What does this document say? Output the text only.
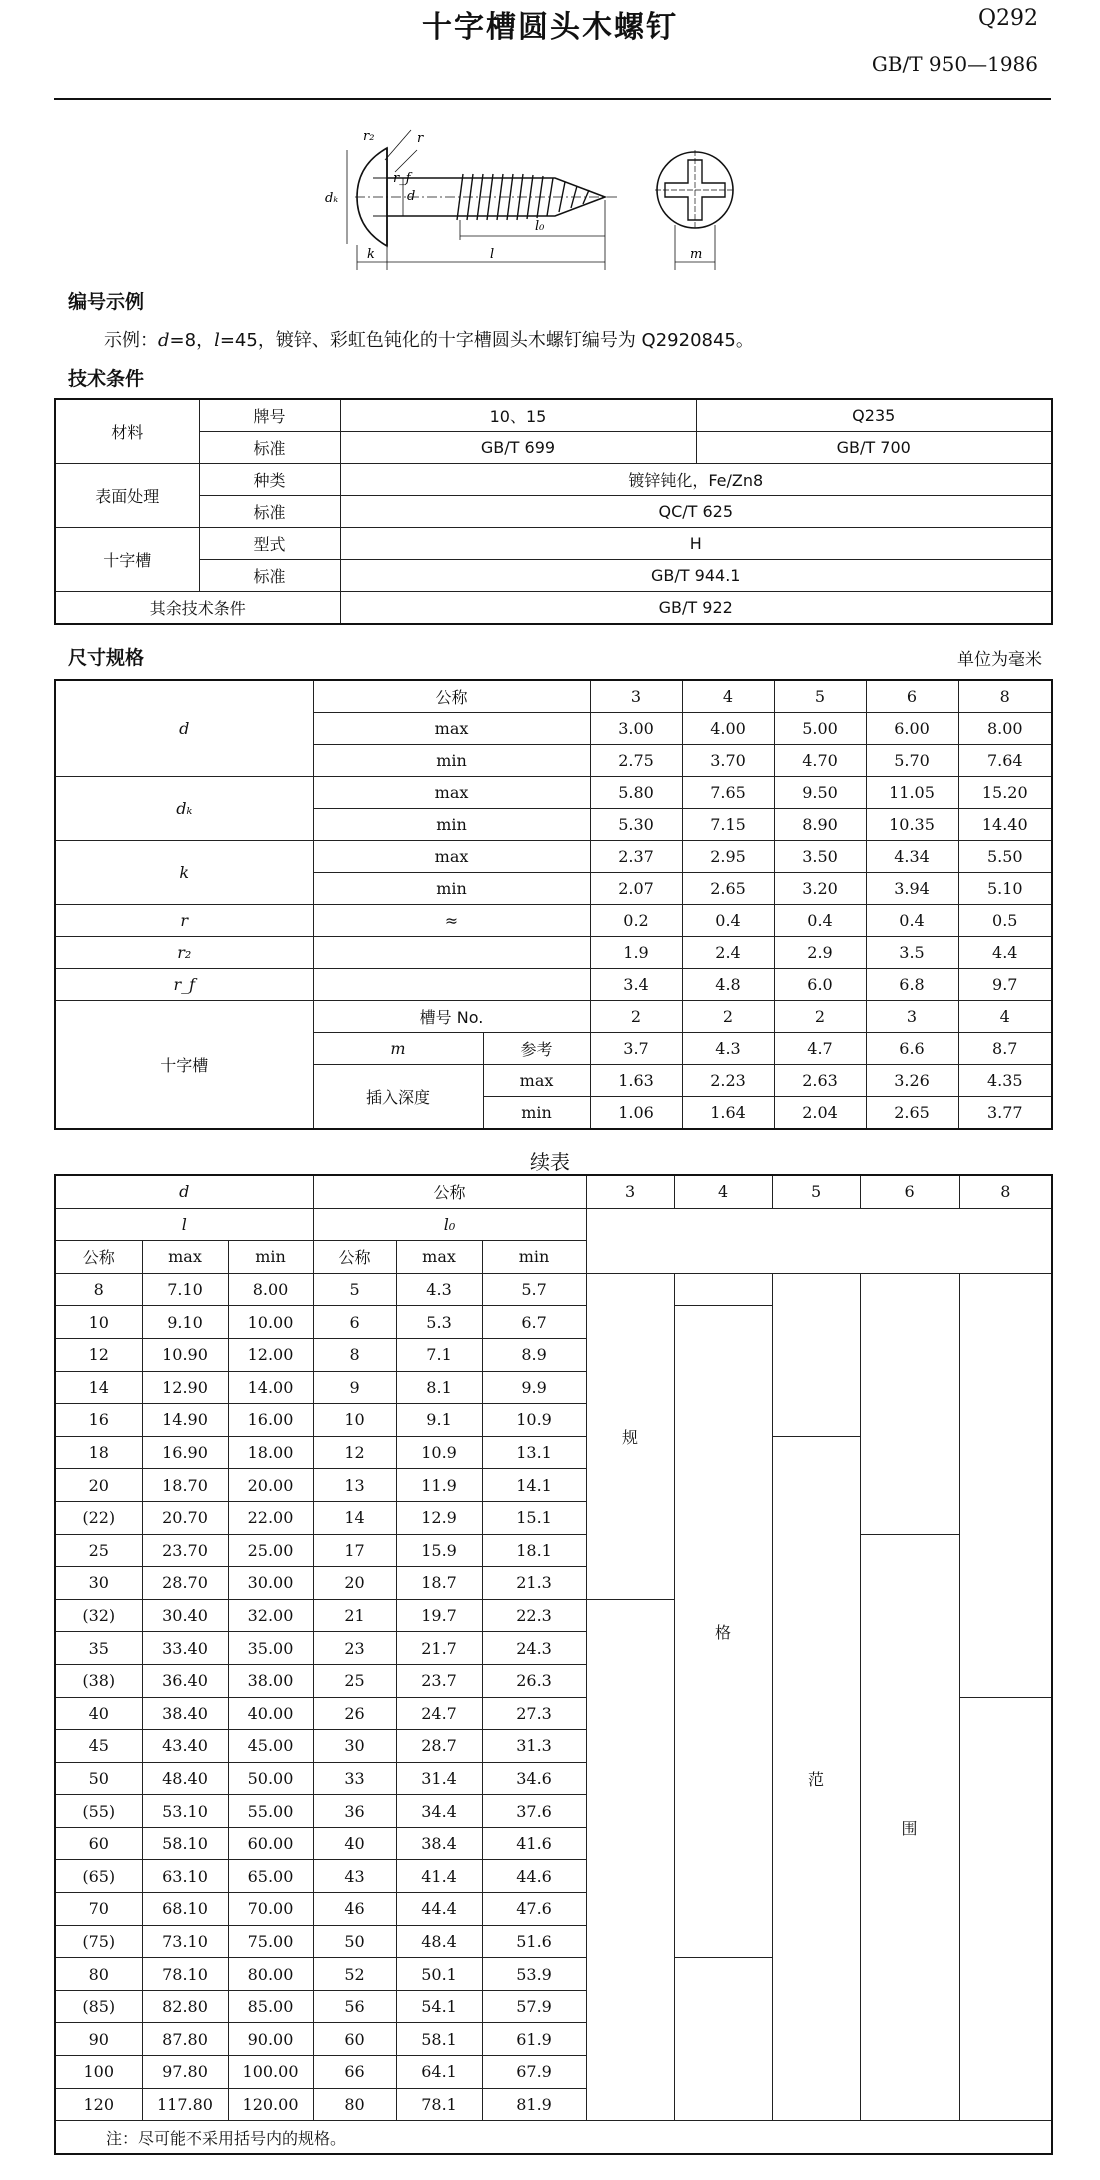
十字槽圆头木螺钉	Q292
GB/T 950—1986
r₂	r
d
r_f
dₖ
l₀
k	l	m
编号示例
示例：d=8，l=45，镀锌、彩虹色钝化的十字槽圆头木螺钉编号为 Q2920845。
技术条件
材料	牌号	10、15	Q235
	标准	GB/T 699	GB/T 700
表面处理	种类	镀锌钝化，Fe/Zn8	
	标准	QC/T 625	
十字槽	型式	H	
	标准	GB/T 944.1	
其余技术条件		GB/T 922	
尺寸规格	单位为毫米
d	公称		3	4	5	6	8
	max		3.00	4.00	5.00	6.00	8.00
	min		2.75	3.70	4.70	5.70	7.64
dₖ	max		5.80	7.65	9.50	11.05	15.20
	min		5.30	7.15	8.90	10.35	14.40
k	max		2.37	2.95	3.50	4.34	5.50
	min		2.07	2.65	3.20	3.94	5.10
r	≈		0.2	0.4	0.4	0.4	0.5
r₂			1.9	2.4	2.9	3.5	4.4
r_f			3.4	4.8	6.0	6.8	9.7
十字槽	槽号 No.		2	2	2	3	4
	m	参考	3.7	4.3	4.7	6.6	8.7
	插入深度	max	1.63	2.23	2.63	3.26	4.35
		min	1.06	1.64	2.04	2.65	3.77
续表
d			公称			3	4	5	6	8
l			l₀							
公称	max	min	公称	max	min					
8	7.10	8.00	5	4.3	5.7	规				
10	9.10	10.00	6	5.3	6.7		格			
12	10.90	12.00	8	7.1	8.9					
14	12.90	14.00	9	8.1	9.9					
16	14.90	16.00	10	9.1	10.9					
18	16.90	18.00	12	10.9	13.1			范		
20	18.70	20.00	13	11.9	14.1					
(22)	20.70	22.00	14	12.9	15.1					
25	23.70	25.00	17	15.9	18.1				围	
30	28.70	30.00	20	18.7	21.3					
(32)	30.40	32.00	21	19.7	22.3					
35	33.40	35.00	23	21.7	24.3					
(38)	36.40	38.00	25	23.7	26.3					
40	38.40	40.00	26	24.7	27.3					
45	43.40	45.00	30	28.7	31.3					
50	48.40	50.00	33	31.4	34.6					
(55)	53.10	55.00	36	34.4	37.6					
60	58.10	60.00	40	38.4	41.6					
(65)	63.10	65.00	43	41.4	44.6					
70	68.10	70.00	46	44.4	47.6					
(75)	73.10	75.00	50	48.4	51.6					
80	78.10	80.00	52	50.1	53.9					
(85)	82.80	85.00	56	54.1	57.9					
90	87.80	90.00	60	58.1	61.9					
100	97.80	100.00	66	64.1	67.9					
120	117.80	120.00	80	78.1	81.9					
注：尽可能不采用括号内的规格。										
